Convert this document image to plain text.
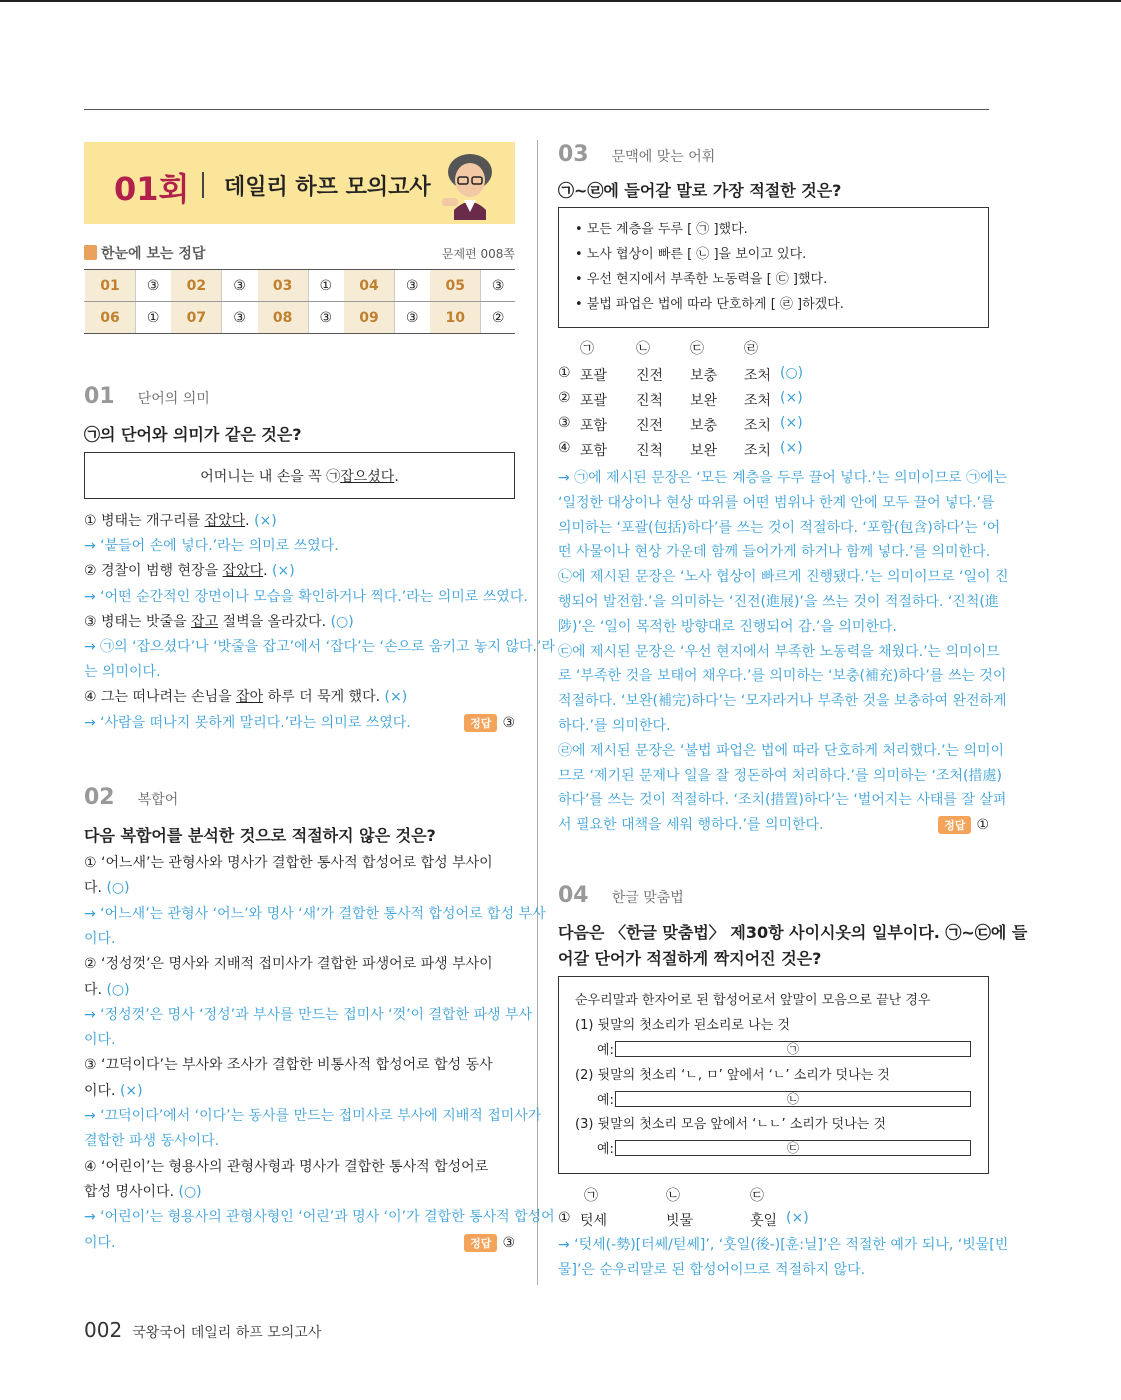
01회 데일리 하프 모의고사
한눈에 보는 정답	문제편 008쪽
01	③	02	③	03	①	04	③	05	③
06	①	07	③	08	③	09	③	10	②
01 단어의 의미
㉠의 단어와 의미가 같은 것은?
어머니는 내 손을 꼭 ㉠잡으셨다.
① 병태는 개구리를 잡았다. (×)
→ ‘붙들어 손에 넣다.’라는 의미로 쓰였다.
② 경찰이 범행 현장을 잡았다. (×)
→ ‘어떤 순간적인 장면이나 모습을 확인하거나 찍다.’라는 의미로 쓰였다.
③ 병태는 밧줄을 잡고 절벽을 올라갔다. (○)
→ ㉠의 ‘잡으셨다’나 ‘밧줄을 잡고’에서 ‘잡다’는 ‘손으로 움키고 놓지 않다.’라
는 의미이다.
④ 그는 떠나려는 손님을 잡아 하루 더 묵게 했다. (×)
→ ‘사람을 떠나지 못하게 말리다.’라는 의미로 쓰였다.	정답 ③
02 복합어
다음 복합어를 분석한 것으로 적절하지 않은 것은?
① ‘어느새’는 관형사와 명사가 결합한 통사적 합성어로 합성 부사이
다. (○)
→ ‘어느새’는 관형사 ‘어느’와 명사 ‘새’가 결합한 통사적 합성어로 합성 부사
이다.
② ‘정성껏’은 명사와 지배적 접미사가 결합한 파생어로 파생 부사이
다. (○)
→ ‘정성껏’은 명사 ‘정성’과 부사를 만드는 접미사 ‘껏’이 결합한 파생 부사
이다.
③ ‘끄덕이다’는 부사와 조사가 결합한 비통사적 합성어로 합성 동사
이다. (×)
→ ‘끄덕이다’에서 ‘이다’는 동사를 만드는 접미사로 부사에 지배적 접미사가
결합한 파생 동사이다.
④ ‘어린이’는 형용사의 관형사형과 명사가 결합한 통사적 합성어로
합성 명사이다. (○)
→ ‘어린이’는 형용사의 관형사형인 ‘어린’과 명사 ‘이’가 결합한 통사적 합성어
이다.	정답 ③
03 문맥에 맞는 어휘
㉠~㉣에 들어갈 말로 가장 적절한 것은?
• 모든 계층을 두루 [ ㉠ ]했다.
• 노사 협상이 빠른 [ ㉡ ]을 보이고 있다.
• 우선 현지에서 부족한 노동력을 [ ㉢ ]했다.
• 불법 파업은 법에 따라 단호하게 [ ㉣ ]하겠다.
㉠	㉡	㉢	㉣
① 포괄 진전 보충 조처 (○)
② 포괄 진척 보완 조처 (×)
③ 포함 진전 보충 조치 (×)
④ 포함 진척 보완 조치 (×)
→ ㉠에 제시된 문장은 ‘모든 계층을 두루 끌어 넣다.’는 의미이므로 ㉠에는
‘일정한 대상이나 현상 따위를 어떤 범위나 한계 안에 모두 끌어 넣다.’를
의미하는 ‘포괄(包括)하다’를 쓰는 것이 적절하다. ‘포함(包含)하다’는 ‘어
떤 사물이나 현상 가운데 함께 들어가게 하거나 함께 넣다.’를 의미한다.
㉡에 제시된 문장은 ‘노사 협상이 빠르게 진행됐다.’는 의미이므로 ‘일이 진
행되어 발전함.’을 의미하는 ‘진전(進展)’을 쓰는 것이 적절하다. ‘진척(進
陟)’은 ‘일이 목적한 방향대로 진행되어 감.’을 의미한다.
㉢에 제시된 문장은 ‘우선 현지에서 부족한 노동력을 채웠다.’는 의미이므
로 ‘부족한 것을 보태어 채우다.’를 의미하는 ‘보충(補充)하다’를 쓰는 것이
적절하다. ‘보완(補完)하다’는 ‘모자라거나 부족한 것을 보충하여 완전하게
하다.’를 의미한다.
㉣에 제시된 문장은 ‘불법 파업은 법에 따라 단호하게 처리했다.’는 의미이
므로 ‘제기된 문제나 일을 잘 정돈하여 처리하다.’를 의미하는 ‘조처(措處)
하다’를 쓰는 것이 적절하다. ‘조치(措置)하다’는 ‘벌어지는 사태를 잘 살펴
서 필요한 대책을 세워 행하다.’를 의미한다.	정답 ①
04 한글 맞춤법
다음은 〈한글 맞춤법〉 제30항 사이시옷의 일부이다. ㉠~㉢에 들
어갈 단어가 적절하게 짝지어진 것은?
순우리말과 한자어로 된 합성어로서 앞말이 모음으로 끝난 경우
(1) 뒷말의 첫소리가 된소리로 나는 것
예:	㉠
(2) 뒷말의 첫소리 ‘ㄴ, ㅁ’ 앞에서 ‘ㄴ’ 소리가 덧나는 것
예:	㉡
(3) 뒷말의 첫소리 모음 앞에서 ‘ㄴㄴ’ 소리가 덧나는 것
예:	㉢
㉠	㉡	㉢
① 텃세	빗물	훗일 (×)
→ ‘텃세(-勢)[터쎄/턷쎄]’, ‘훗일(後-)[훈:닐]’은 적절한 예가 되나, ‘빗물[빈
물]’은 순우리말로 된 합성어이므로 적절하지 않다.
002 국왕국어 데일리 하프 모의고사
